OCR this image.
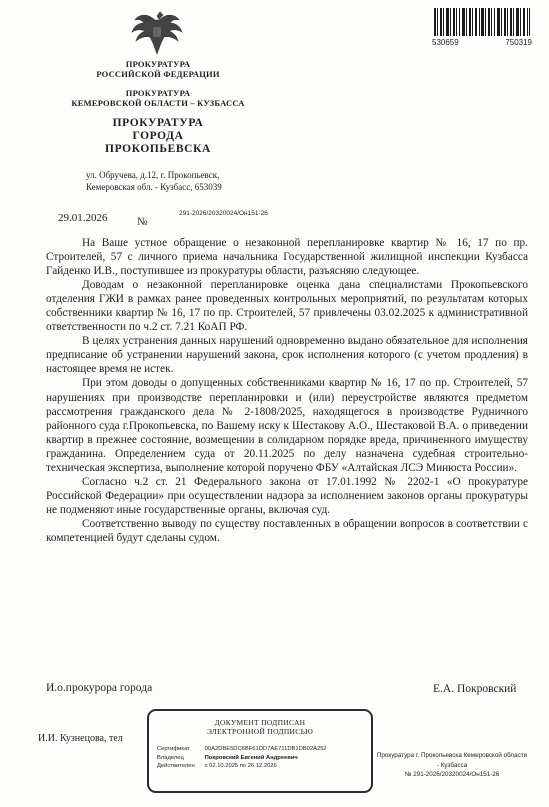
530659	750319
ПРОКУРАТУРА
РОССИЙСКОЙ ФЕДЕРАЦИИ
ПРОКУРАТУРА
КЕМЕРОВСКОЙ ОБЛАСТИ – КУЗБАССА
ПРОКУРАТУРА
ГОРОДА
ПРОКОПЬЕВСКА
ул. Обручева, д.12, г. Прокопьевск,
Кемеровская обл. - Кузбасс, 653039
29.01.2026	№
291-2026/20320024/Он151-26

На Ваше устное обращение о незаконной перепланировке квартир № 16, 17 по пр. Строителей, 57 с личного приема начальника Государственной жилищной инспекции Кузбасса Гайденко И.В., поступившее из прокуратуры области, разъясняю следующее.

Доводам о незаконной перепланировке оценка дана специалистами Прокопьевского отделения ГЖИ в рамках ранее проведенных контрольных мероприятий, по результатам которых собственники квартир № 16, 17 по пр. Строителей, 57 привлечены 03.02.2025 к административной ответственности по ч.2 ст. 7.21 КоАП РФ.

В целях устранения данных нарушений одновременно выдано обязательное для исполнения предписание об устранении нарушений закона, срок исполнения которого (с учетом продления) в настоящее время не истек.

При этом доводы о допущенных собственниками квартир № 16, 17 по пр. Строителей, 57 нарушениях при производстве перепланировки и (или) переустройстве являются предметом рассмотрения гражданского дела № 2-1808/2025, находящегося в производстве Рудничного районного суда г.Прокопьевска, по Вашему иску к Шестакову А.О., Шестаковой В.А. о приведении квартир в прежнее состояние, возмещении в солидарном порядке вреда, причиненного имуществу гражданина. Определением суда от 20.11.2025 по делу назначена судебная строительно-техническая экспертиза, выполнение которой поручено ФБУ «Алтайская ЛСЭ Минюста России».

Согласно ч.2 ст. 21 Федерального закона от 17.01.1992 № 2202-1 «О прокуратуре Российской Федерации» при осуществлении надзора за исполнением законов органы прокуратуры не подменяют иные государственные органы, включая суд.

Соответственно выводу по существу поставленных в обращении вопросов в соответствии с компетенцией будут сделаны судом.

И.о.прокурора города	Е.А. Покровский
И.И. Кузнецова, тел
Прокуратура г. Прокопьевска Кемеровской области
- Кузбасса
№ 291-2026/20320024/Он151-26
ДОКУМЕНТ ПОДПИСАН
ЭЛЕКТРОННОЙ ПОДПИСЬЮ
Сертификат	00A2DBE5DC6BF61DD7AE711DB1DB02A252
Владелец	Покровский Евгений Андреевич
Действителен с 02.10.2025 по 26.12.2026
